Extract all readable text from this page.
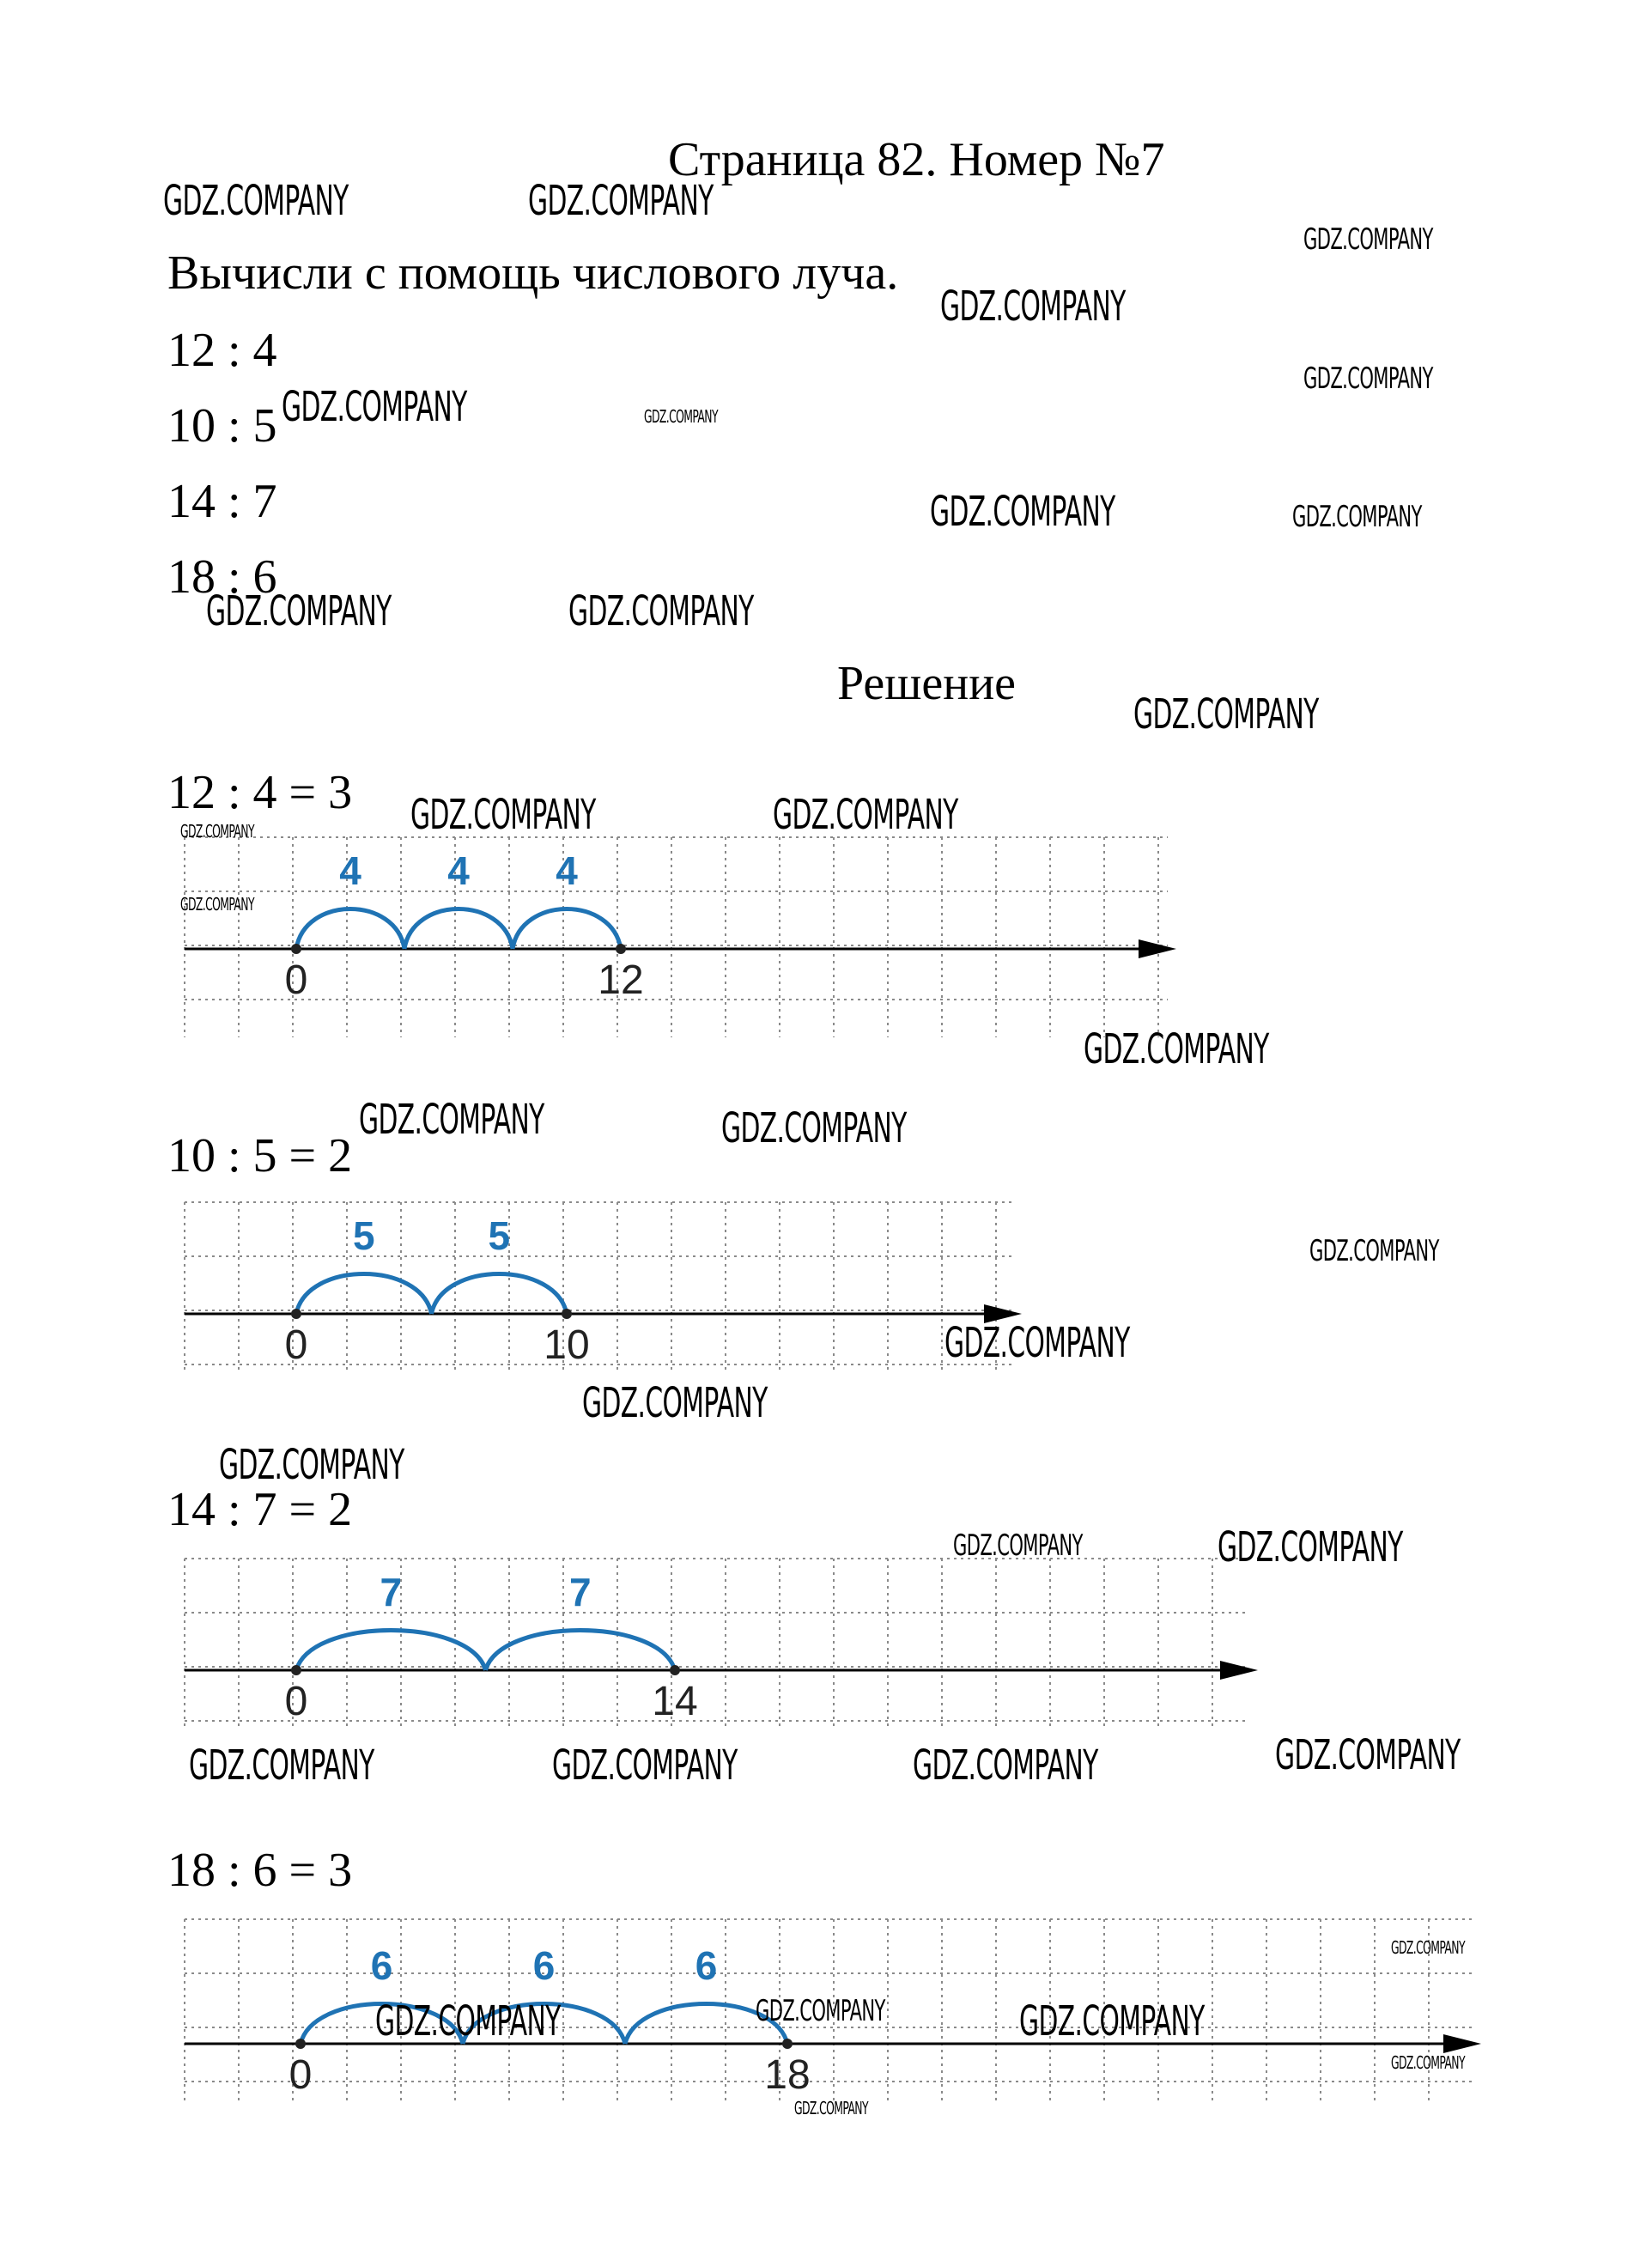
Страница 82. Номер №7
Вычисли с помощь числового луча.
12 : 4
10 : 5
14 : 7
18 : 6
Решение
12 : 4 = 3
10 : 5 = 2
14 : 7 = 2
18 : 6 = 3
4 4 4
0	12
5	5
0	10
7	7
0	14
6	6	6
0	18
GDZ.COMPANY	GDZ.COMPANY
GDZ.COMPANY
GDZ.COMPANY
GDZ.COMPANY
GDZ.COMPANY	GDZ.COMPANY
GDZ.COMPANY	GDZ.COMPANY
GDZ.COMPANY	GDZ.COMPANY
GDZ.COMPANY
GDZ.COMPANY	GDZ.COMPANY
GDZ.COMPANY
GDZ.COMPANY
GDZ.COMPANY
GDZ.COMPANY	GDZ.COMPANY
GDZ.COMPANY
GDZ.COMPANY
GDZ.COMPANY
GDZ.COMPANY
GDZ.COMPANY	GDZ.COMPANY
GDZ.COMPANY
GDZ.COMPANY	GDZ.COMPANY	GDZ.COMPANY
GDZ.COMPANY
GDZ.COMPANY	GDZ.COMPANY	GDZ.COMPANY
GDZ.COMPANY
GDZ.COMPANY
